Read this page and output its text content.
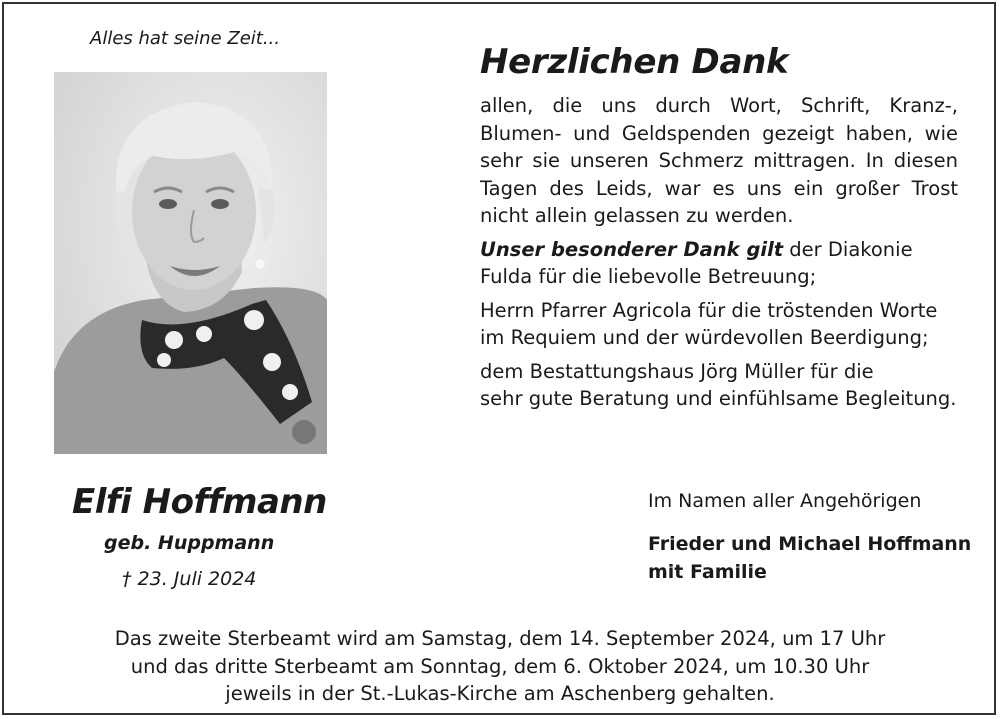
Alles hat seine Zeit...
Elfi Hoffmann
geb. Huppmann
† 23. Juli 2024
Herzlichen Dank

allen, die uns durch Wort, Schrift, Kranz-, Blumen- und Geldspenden gezeigt haben, wie sehr sie unseren Schmerz mittragen. In diesen Tagen des Leids, war es uns ein großer Trost nicht allein gelassen zu werden.

Unser besonderer Dank gilt der Diakonie Fulda für die liebevolle Betreuung;

Herrn Pfarrer Agricola für die tröstenden Worte
im Requiem und der würdevollen Beerdigung;

dem Bestattungshaus Jörg Müller für die
sehr gute Beratung und einfühlsame Begleitung.

Im Namen aller Angehörigen
Frieder und Michael Hoffmann
mit Familie
Das zweite Sterbeamt wird am Samstag, dem 14. September 2024, um 17 Uhr
und das dritte Sterbeamt am Sonntag, dem 6. Oktober 2024, um 10.30 Uhr
jeweils in der St.-Lukas-Kirche am Aschenberg gehalten.
